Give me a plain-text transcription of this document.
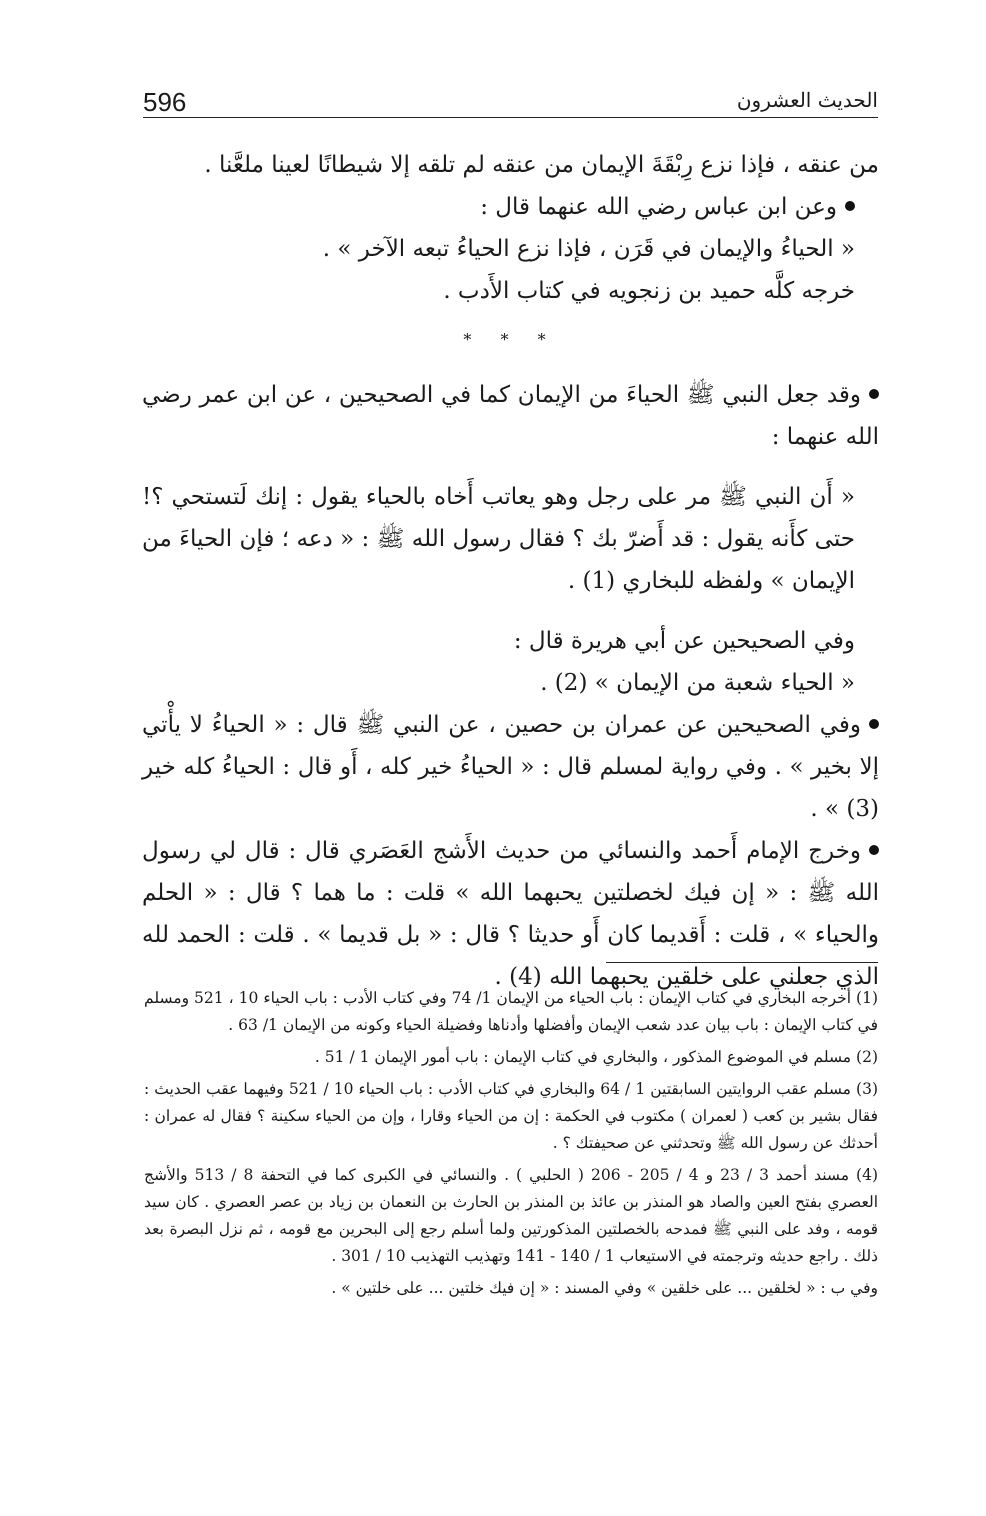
596	الحديث العشرون

من عنقه ، فإذا نزع رِبْقَةَ الإيمان من عنقه لم تلقه إلا شيطانًا لعينا ملعَّنا .

وعن ابن عباس رضي الله عنهما قال :

« الحياءُ والإيمان في قَرَن ، فإذا نزع الحياءُ تبعه الآخر » .

خرجه كلَّه حميد بن زنجويه في كتاب الأَدب .

* * *

وقد جعل النبي ﷺ الحياءَ من الإيمان كما في الصحيحين ، عن ابن عمر رضي الله عنهما :

« أَن النبي ﷺ مر على رجل وهو يعاتب أَخاه بالحياء يقول : إنك لَتستحي ؟! حتى كأَنه يقول : قد أَضرّ بك ؟ فقال رسول الله ﷺ : « دعه ؛ فإن الحياءَ من الإيمان » ولفظه للبخاري (1) .

وفي الصحيحين عن أبي هريرة قال :

« الحياء شعبة من الإيمان » (2) .

وفي الصحيحين عن عمران بن حصين ، عن النبي ﷺ قال : « الحياءُ لا يأْتي إلا بخير » . وفي رواية لمسلم قال : « الحياءُ خير كله ، أَو قال : الحياءُ كله خير (3) » .

وخرج الإمام أَحمد والنسائي من حديث الأَشج العَصَري قال : قال لي رسول الله ﷺ : « إن فيك لخصلتين يحبهما الله » قلت : ما هما ؟ قال : « الحلم والحياء » ، قلت : أَقديما كان أَو حديثا ؟ قال : « بل قديما » . قلت : الحمد لله الذي جعلني على خلقين يحبهما الله (4) .

(1) أخرجه البخاري في كتاب الإيمان : باب الحياء من الإيمان 1/ 74 وفي كتاب الأدب : باب الحياء 10 ، 521 ومسلم في كتاب الإيمان : باب بيان عدد شعب الإيمان وأفضلها وأدناها وفضيلة الحياء وكونه من الإيمان 1/ 63 .

(2) مسلم في الموضوع المذكور ، والبخاري في كتاب الإيمان : باب أمور الإيمان 1 / 51 .

(3) مسلم عقب الروايتين السابقتين 1 / 64 والبخاري في كتاب الأدب : باب الحياء 10 / 521 وفيهما عقب الحديث : فقال بشير بن كعب ( لعمران ) مكتوب في الحكمة : إن من الحياء وقارا ، وإن من الحياء سكينة ؟ فقال له عمران : أحدثك عن رسول الله ﷺ وتحدثني عن صحيفتك ؟ .

(4) مسند أحمد 3 / 23 و 4 / 205 - 206 ( الحلبي ) . والنسائي في الكبرى كما في التحفة 8 / 513 والأشج العصري بفتح العين والصاد هو المنذر بن عائذ بن المنذر بن الحارث بن النعمان بن زياد بن عصر العصري . كان سيد قومه ، وفد على النبي ﷺ فمدحه بالخصلتين المذكورتين ولما أسلم رجع إلى البحرين مع قومه ، ثم نزل البصرة بعد ذلك . راجع حديثه وترجمته في الاستيعاب 1 / 140 - 141 وتهذيب التهذيب 10 / 301 .

وفي ب : « لخلقين ... على خلقين » وفي المسند : « إن فيك خلتين ... على خلتين » .
